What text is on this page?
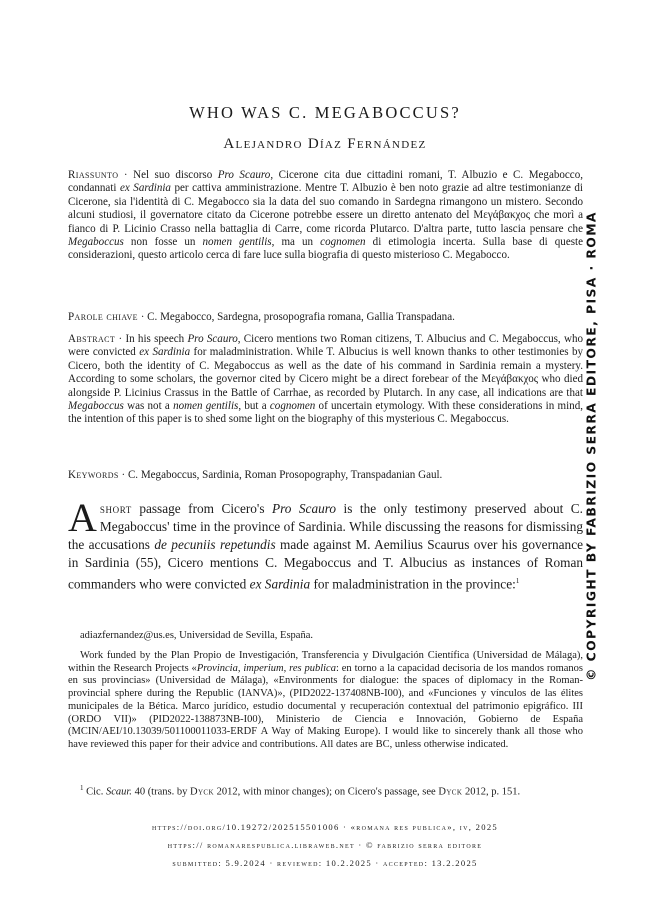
WHO WAS C. MEGABOCCUS?

Alejandro Díaz Fernández

Riassunto · Nel suo discorso Pro Scauro, Cicerone cita due cittadini romani, T. Albuzio e C. Megabocco, condannati ex Sardinia per cattiva amministrazione. Mentre T. Albuzio è ben noto grazie ad altre testimonianze di Cicerone, sia l'identità di C. Megabocco sia la data del suo comando in Sardegna rimangono un mistero. Secondo alcuni studiosi, il governatore citato da Cicerone potrebbe essere un diretto antenato del Μεγάβακχος che morì a fianco di P. Licinio Crasso nella battaglia di Carre, come ricorda Plutarco. D'altra parte, tutto lascia pensare che Megaboccus non fosse un nomen gentilis, ma un cognomen di etimologia incerta. Sulla base di queste considerazioni, questo articolo cerca di fare luce sulla biografia di questo misterioso C. Megabocco.

Parole chiave · C. Megabocco, Sardegna, prosopografia romana, Gallia Transpadana.

Abstract · In his speech Pro Scauro, Cicero mentions two Roman citizens, T. Albucius and C. Megaboccus, who were convicted ex Sardinia for maladministration. While T. Albucius is well known thanks to other testimonies by Cicero, both the identity of C. Megaboccus as well as the date of his command in Sardinia remain a mystery. According to some scholars, the governor cited by Cicero might be a direct forebear of the Μεγάβακχος who died alongside P. Licinius Crassus in the Battle of Carrhae, as recorded by Plutarch. In any case, all indications are that Megaboccus was not a nomen gentilis, but a cognomen of uncertain etymology. With these considerations in mind, the intention of this paper is to shed some light on the biography of this mysterious C. Megaboccus.

Keywords · C. Megaboccus, Sardinia, Roman Prosopography, Transpadanian Gaul.

Ashort passage from Cicero's Pro Scauro is the only testimony preserved about C. Megaboccus' time in the province of Sardinia. While discussing the reasons for dismissing the accusations de pecuniis repetundis made against M. Aemilius Scaurus over his governance in Sardinia (55), Cicero mentions C. Megaboccus and T. Albucius as instances of Roman commanders who were convicted ex Sardinia for maladministration in the province:$^1$

adiazfernandez@us.es, Universidad de Sevilla, España.

Work funded by the Plan Propio de Investigación, Transferencia y Divulgación Científica (Universidad de Málaga), within the Research Projects «Provincia, imperium, res publica: en torno a la capacidad decisoria de los mandos romanos en sus provincias» (Universidad de Málaga), «Environments for dialogue: the spaces of diplomacy in the Roman-provincial sphere during the Republic (IANVA)», (PID2022-137408NB-I00), and «Funciones y vínculos de las élites municipales de la Bética. Marco jurídico, estudio documental y recuperación contextual del patrimonio epigráfico. III (ORDO VII)» (PID2022-138873NB-I00), Ministerio de Ciencia e Innovación, Gobierno de España (MCIN/AEI/10.13039/501100011033-ERDF A Way of Making Europe). I would like to sincerely thank all those who have reviewed this paper for their advice and contributions. All dates are BC, unless otherwise indicated.

$^1$ Cic. Scaur. 40 (trans. by Dyck 2012, with minor changes); on Cicero's passage, see Dyck 2012, p. 151.

https://doi.org/10.19272/202515501006 · «romana res publica», iv, 2025

https:// romanarespublica.libraweb.net · © fabrizio serra editore

submitted: 5.9.2024 · reviewed: 10.2.2025 · accepted: 13.2.2025

© COPYRIGHT BY FABRIZIO SERRA EDITORE, PISA · ROMA
